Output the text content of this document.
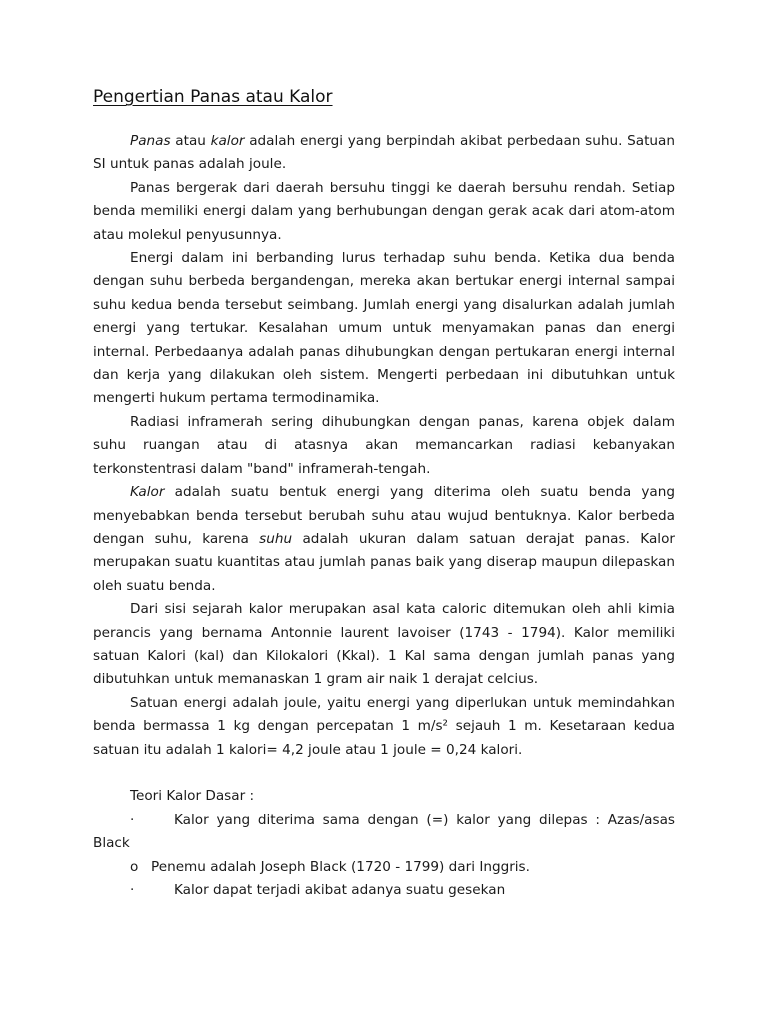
Pengertian Panas atau Kalor

Panas atau kalor adalah energi yang berpindah akibat perbedaan suhu. Satuan SI untuk panas adalah joule.

Panas bergerak dari daerah bersuhu tinggi ke daerah bersuhu rendah. Setiap benda memiliki energi dalam yang berhubungan dengan gerak acak dari atom-atom atau molekul penyusunnya.

Energi dalam ini berbanding lurus terhadap suhu benda. Ketika dua benda dengan suhu berbeda bergandengan, mereka akan bertukar energi internal sampai suhu kedua benda tersebut seimbang. Jumlah energi yang disalurkan adalah jumlah energi yang tertukar. Kesalahan umum untuk menyamakan panas dan energi internal. Perbedaanya adalah panas dihubungkan dengan pertukaran energi internal dan kerja yang dilakukan oleh sistem. Mengerti perbedaan ini dibutuhkan untuk mengerti hukum pertama termodinamika.

Radiasi inframerah sering dihubungkan dengan panas, karena objek dalam suhu ruangan atau di atasnya akan memancarkan radiasi kebanyakan terkonstentrasi dalam "band" inframerah-tengah.

Kalor adalah suatu bentuk energi yang diterima oleh suatu benda yang menyebabkan benda tersebut berubah suhu atau wujud bentuknya. Kalor berbeda dengan suhu, karena suhu adalah ukuran dalam satuan derajat panas. Kalor merupakan suatu kuantitas atau jumlah panas baik yang diserap maupun dilepaskan oleh suatu benda.

Dari sisi sejarah kalor merupakan asal kata caloric ditemukan oleh ahli kimia perancis yang bernama Antonnie laurent lavoiser (1743 - 1794). Kalor memiliki satuan Kalori (kal) dan Kilokalori (Kkal). 1 Kal sama dengan jumlah panas yang dibutuhkan untuk memanaskan 1 gram air naik 1 derajat celcius.

Satuan energi adalah joule, yaitu energi yang diperlukan untuk memindahkan benda bermassa 1 kg dengan percepatan 1 m/s² sejauh 1 m. Kesetaraan kedua satuan itu adalah 1 kalori= 4,2 joule atau 1 joule = 0,24 kalori.

Teori Kalor Dasar :

·	Kalor yang diterima sama dengan (=) kalor yang dilepas : Azas/asas
Black

o Penemu adalah Joseph Black (1720 - 1799) dari Inggris.

·	Kalor dapat terjadi akibat adanya suatu gesekan
